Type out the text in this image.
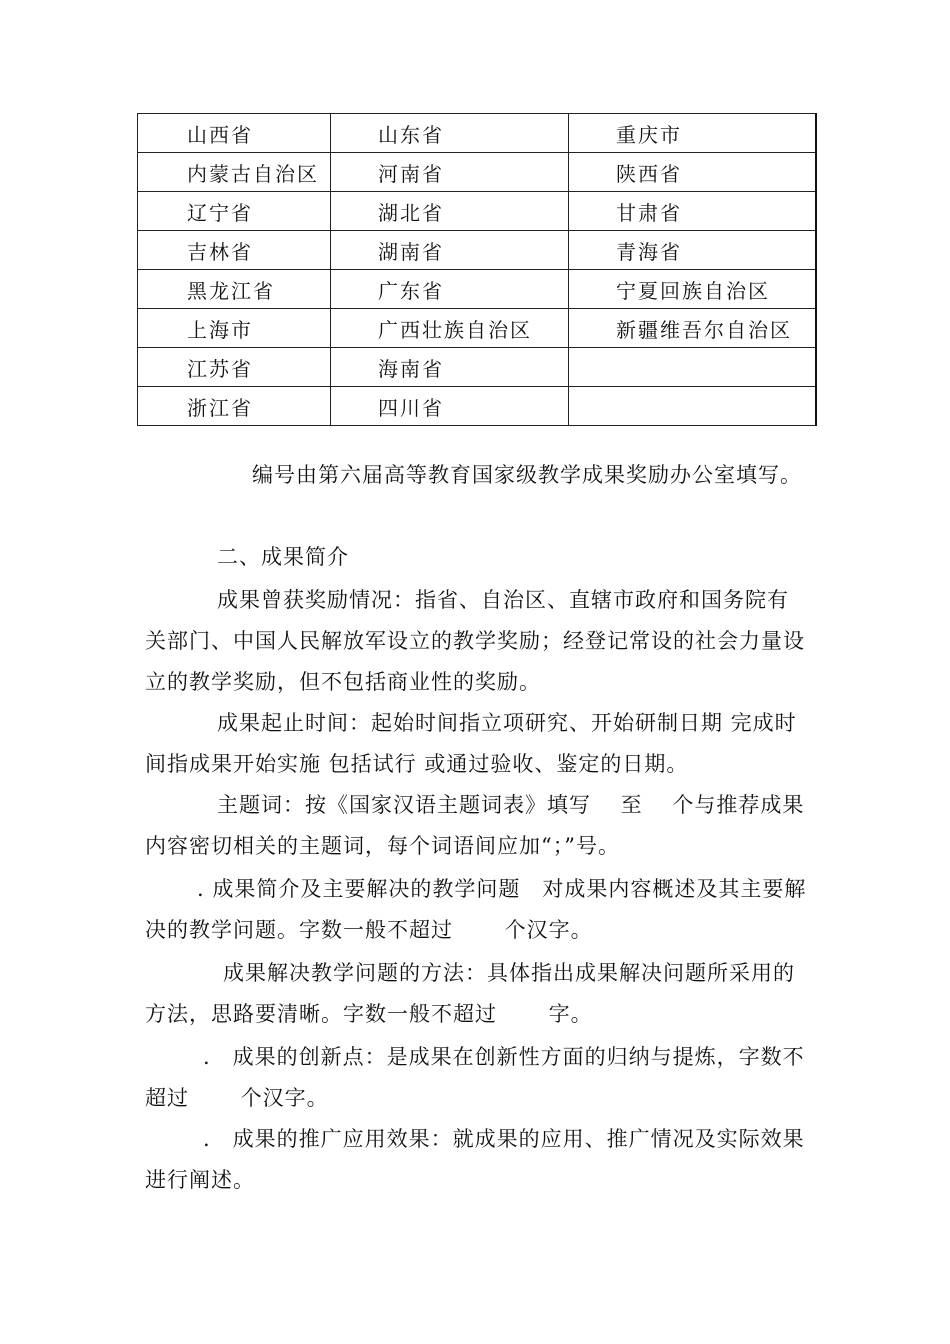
山西省	山东省	重庆市
内蒙古自治区	河南省	陕西省
辽宁省	湖北省	甘肃省
吉林省	湖南省	青海省
黑龙江省	广东省	宁夏回族自治区
上海市	广西壮族自治区	新疆维吾尔自治区
江苏省	海南省	
浙江省	四川省	

编号由第六届高等教育国家级教学成果奖励办公室填写。

二、成果简介

成果曾获奖励情况：指省、自治区、直辖市政府和国务院有关部门、中国人民解放军设立的教学奖励；经登记常设的社会力量设立的教学奖励，但不包括商业性的奖励。

成果起止时间：起始时间指立项研究、开始研制日期 完成时间指成果开始实施 包括试行 或通过验收、鉴定的日期。

主题词：按《国家汉语主题词表》填写　 至　 个与推荐成果内容密切相关的主题词，每个词语间应加“；”号。

. 成果简介及主要解决的教学问题　对成果内容概述及其主要解决的教学问题。字数一般不超过　　 个汉字。

成果解决教学问题的方法：具体指出成果解决问题所采用的方法，思路要清晰。字数一般不超过　　 字。

.　成果的创新点：是成果在创新性方面的归纳与提炼，字数不超过　　 个汉字。

.　成果的推广应用效果：就成果的应用、推广情况及实际效果进行阐述。
